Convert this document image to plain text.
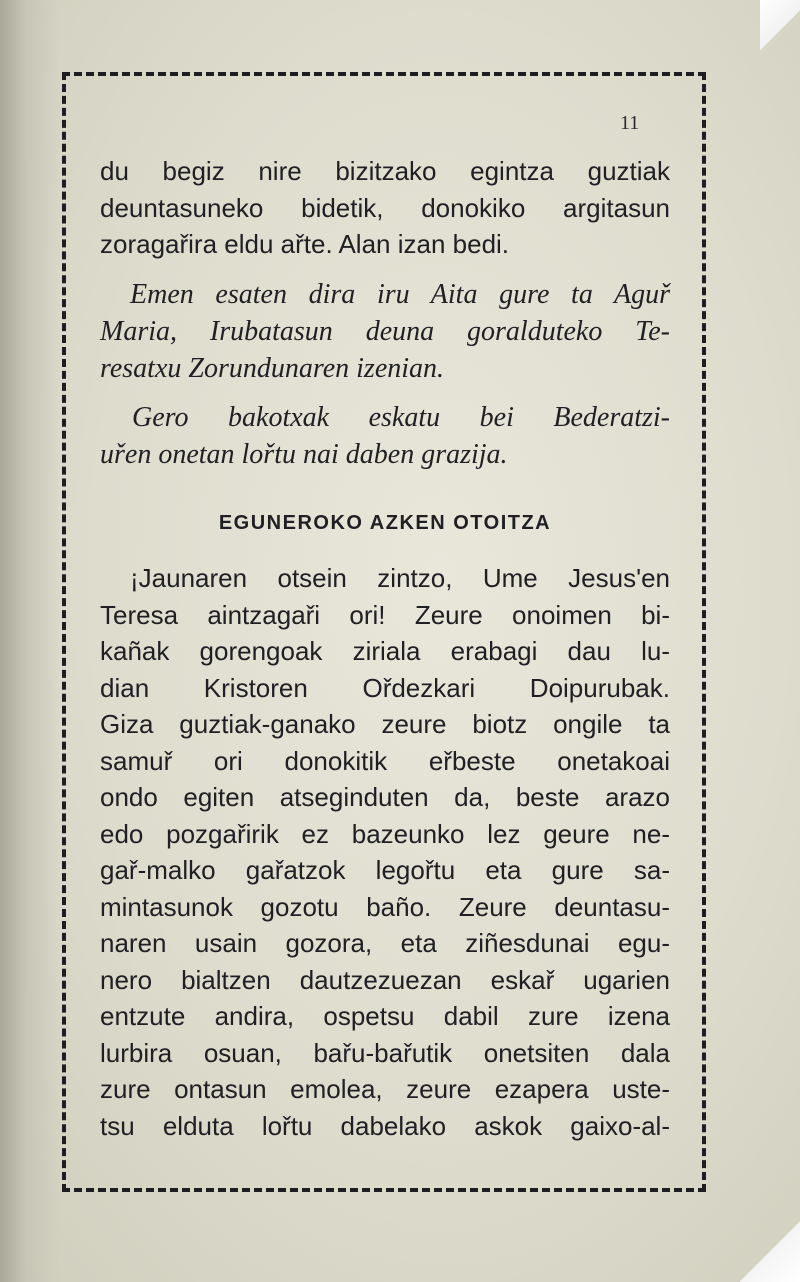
11
du begiz nire bizitzako egintza guztiak
deuntasuneko bidetik, donokiko argitasun
zoragařira eldu ařte. Alan izan bedi.
Emen esaten dira iru Aita gure ta Aguř
Maria, Irubatasun deuna goralduteko Te-
resatxu Zorundunaren izenian.
Gero bakotxak eskatu bei Bederatzi-
uřen onetan lořtu nai daben grazija.
EGUNEROKO AZKEN OTOITZA
¡Jaunaren otsein zintzo, Ume Jesus'en
Teresa aintzagaři ori! Zeure onoimen bi-
kañak gorengoak ziriala erabagi dau lu-
dian Kristoren Ořdezkari Doipurubak.
Giza guztiak-ganako zeure biotz ongile ta
samuř ori donokitik eřbeste onetakoai
ondo egiten atseginduten da, beste arazo
edo pozgařirik ez bazeunko lez geure ne-
gař-malko gařatzok legořtu eta gure sa-
mintasunok gozotu baño. Zeure deuntasu-
naren usain gozora, eta ziñesdunai egu-
nero bialtzen dautzezuezan eskař ugarien
entzute andira, ospetsu dabil zure izena
lurbira osuan, bařu-bařutik onetsiten dala
zure ontasun emolea, zeure ezapera uste-
tsu elduta lořtu dabelako askok gaixo-al-
